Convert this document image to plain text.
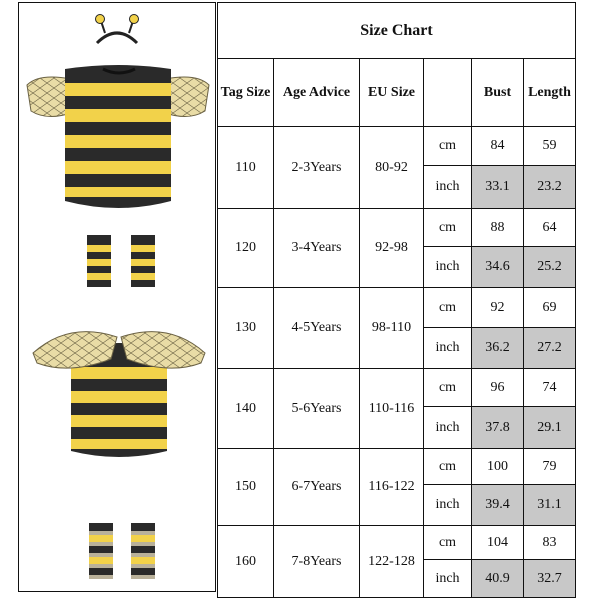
Size Chart					
Tag Size	Age Advice	EU Size		Bust	Length
110	2-3Years	80-92	cm	84	59
			inch	33.1	23.2
120	3-4Years	92-98	cm	88	64
			inch	34.6	25.2
130	4-5Years	98-110	cm	92	69
			inch	36.2	27.2
140	5-6Years	110-116	cm	96	74
			inch	37.8	29.1
150	6-7Years	116-122	cm	100	79
			inch	39.4	31.1
160	7-8Years	122-128	cm	104	83
			inch	40.9	32.7
